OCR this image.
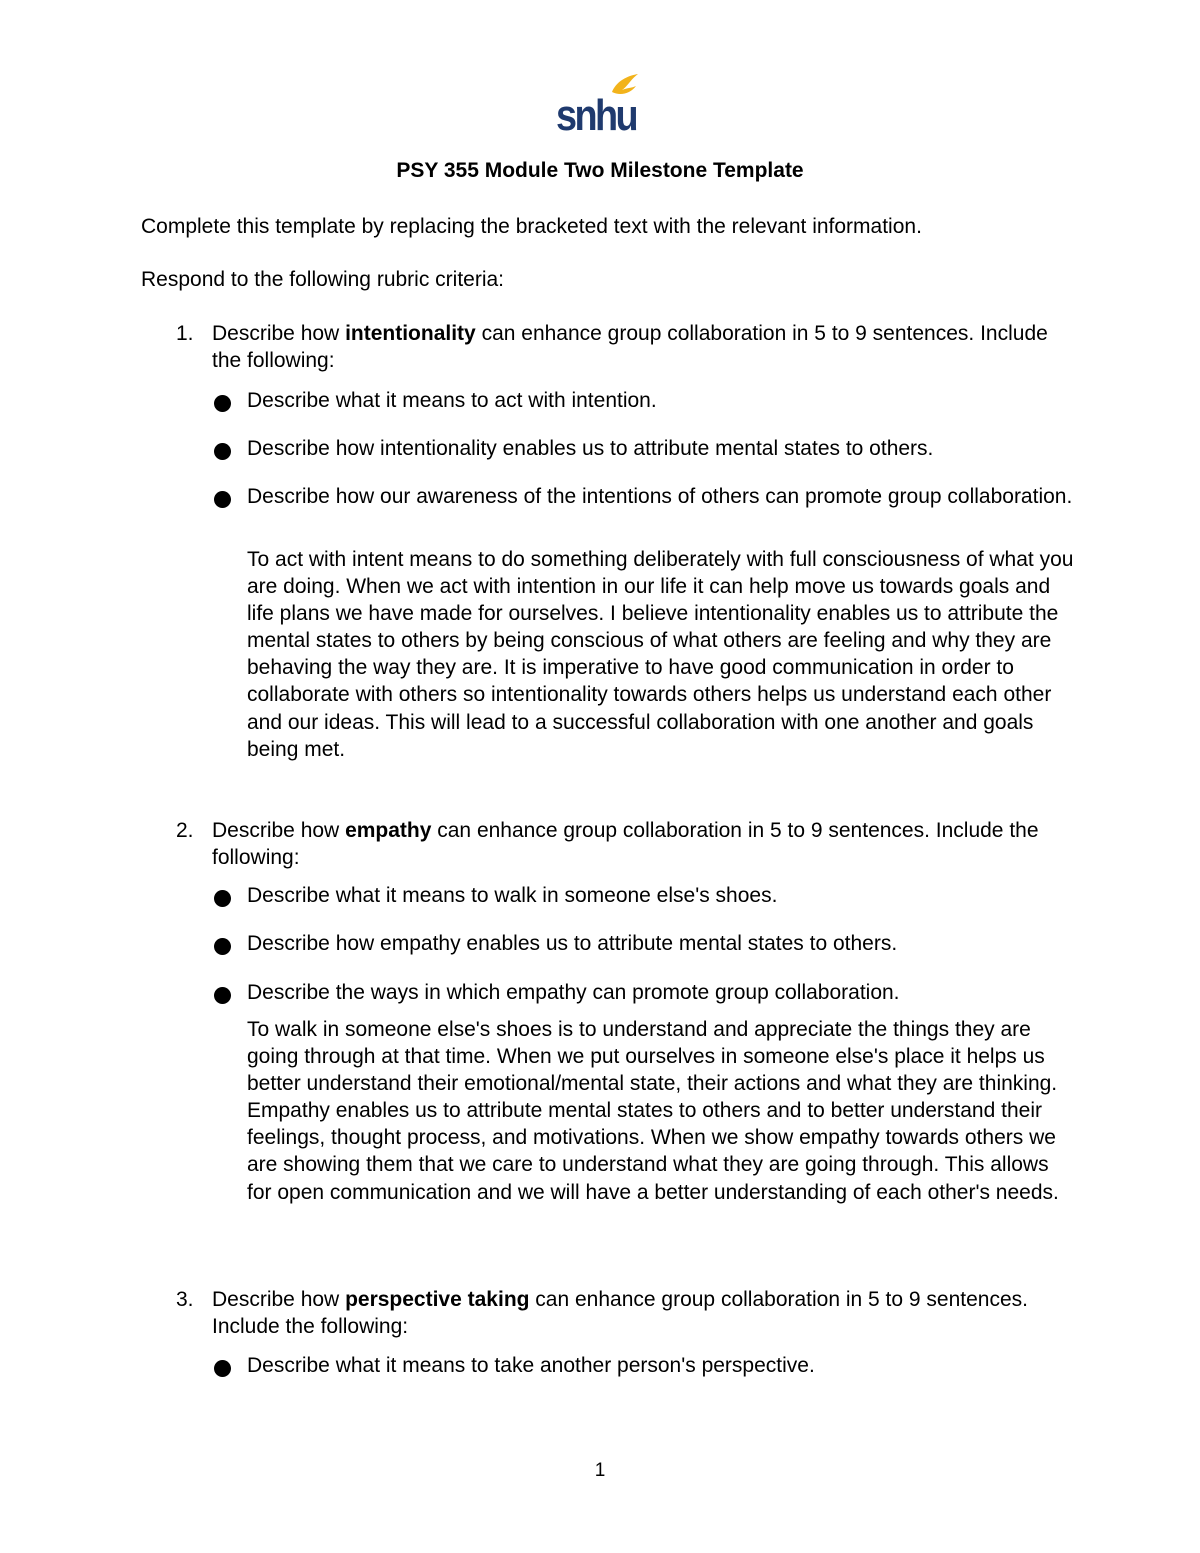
snhu
PSY 355 Module Two Milestone Template
Complete this template by replacing the bracketed text with the relevant information.
Respond to the following rubric criteria:
1. Describe how intentionality can enhance group collaboration in 5 to 9 sentences. Include the following:
Describe what it means to act with intention.
Describe how intentionality enables us to attribute mental states to others.
Describe how our awareness of the intentions of others can promote group collaboration.
To act with intent means to do something deliberately with full consciousness of what you are doing. When we act with intention in our life it can help move us towards goals and life plans we have made for ourselves. I believe intentionality enables us to attribute the mental states to others by being conscious of what others are feeling and why they are behaving the way they are. It is imperative to have good communication in order to collaborate with others so intentionality towards others helps us understand each other and our ideas. This will lead to a successful collaboration with one another and goals being met.
2. Describe how empathy can enhance group collaboration in 5 to 9 sentences. Include the following:
Describe what it means to walk in someone else's shoes.
Describe how empathy enables us to attribute mental states to others.
Describe the ways in which empathy can promote group collaboration.
To walk in someone else's shoes is to understand and appreciate the things they are going through at that time. When we put ourselves in someone else's place it helps us better understand their emotional/mental state, their actions and what they are thinking. Empathy enables us to attribute mental states to others and to better understand their feelings, thought process, and motivations. When we show empathy towards others we are showing them that we care to understand what they are going through. This allows for open communication and we will have a better understanding of each other's needs.
3. Describe how perspective taking can enhance group collaboration in 5 to 9 sentences. Include the following:
Describe what it means to take another person's perspective.
1
